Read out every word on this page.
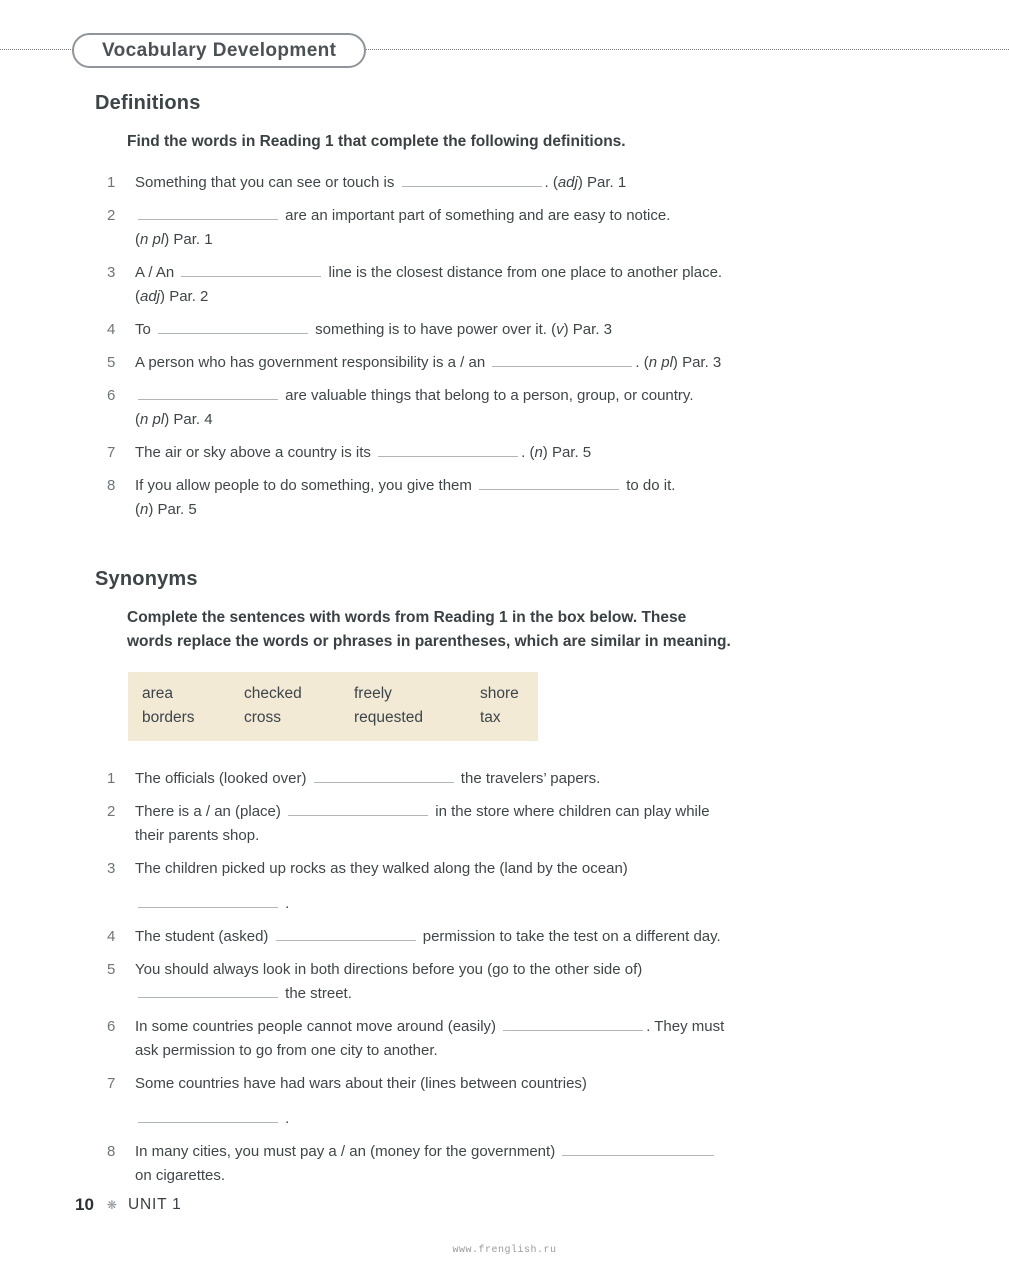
Vocabulary Development
Definitions

Find the words in Reading 1 that complete the following definitions.

1	Something that you can see or touch is	. (adj) Par. 1
2	are an important part of something and are easy to notice.
(n pl) Par. 1
3	A / An	line is the closest distance from one place to another place.
(adj) Par. 2
4	To	something is to have power over it. (v) Par. 3
5	A person who has government responsibility is a / an	. (n pl) Par. 3
6	are valuable things that belong to a person, group, or country.
(n pl) Par. 4
7	The air or sky above a country is its	. (n) Par. 5
8	If you allow people to do something, you give them	to do it.
(n) Par. 5
Synonyms

Complete the sentences with words from Reading 1 in the box below. These
words replace the words or phrases in parentheses, which are similar in meaning.

area	checked	freely	shore
borders	cross	requested	tax
1	The officials (looked over)	the travelers’ papers.
2	There is a / an (place)	in the store where children can play while
their parents shop.
3	The children picked up rocks as they walked along the (land by the ocean)
.
4	The student (asked)	permission to take the test on a different day.
5	You should always look in both directions before you (go to the other side of)
the street.
6	In some countries people cannot move around (easily)	. They must
ask permission to go from one city to another.
7	Some countries have had wars about their (lines between countries)
.
8	In many cities, you must pay a / an (money for the government)
on cigarettes.
10 ❋ UNIT 1
www.frenglish.ru
